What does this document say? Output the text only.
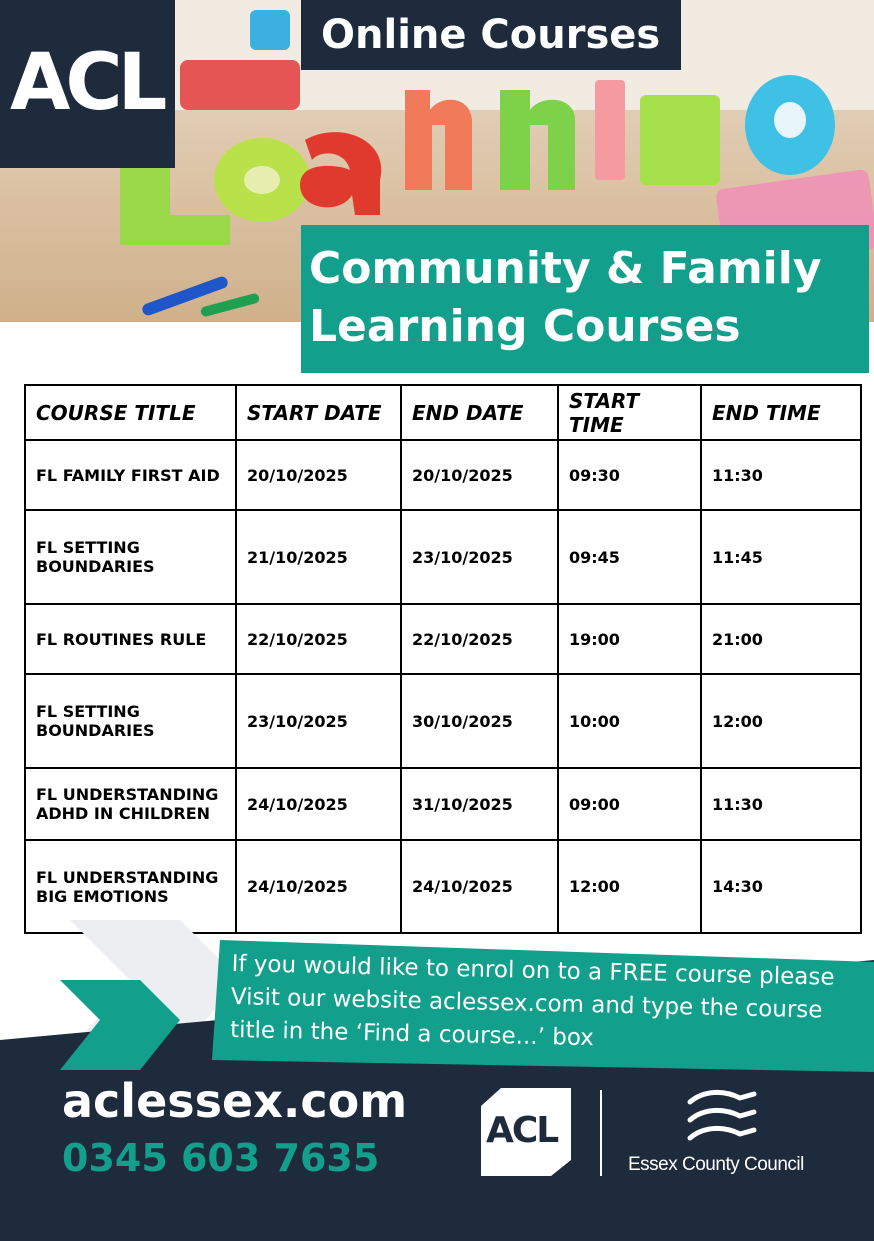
ACL
Online Courses
Community & Family
Learning Courses
COURSE TITLE	START DATE	END DATE	START TIME	END TIME
FL FAMILY FIRST AID	20/10/2025	20/10/2025	09:30	11:30
FL SETTING BOUNDARIES	21/10/2025	23/10/2025	09:45	11:45
FL ROUTINES RULE	22/10/2025	22/10/2025	19:00	21:00
FL SETTING BOUNDARIES	23/10/2025	30/10/2025	10:00	12:00
FL UNDERSTANDING ADHD IN CHILDREN	24/10/2025	31/10/2025	09:00	11:30
FL UNDERSTANDING BIG EMOTIONS	24/10/2025	24/10/2025	12:00	14:30
If you would like to enrol on to a FREE course please Visit our website aclessex.com and type the course title in the ‘Find a course...’ box
aclessex.com
0345 603 7635
ACL
Essex County Council
